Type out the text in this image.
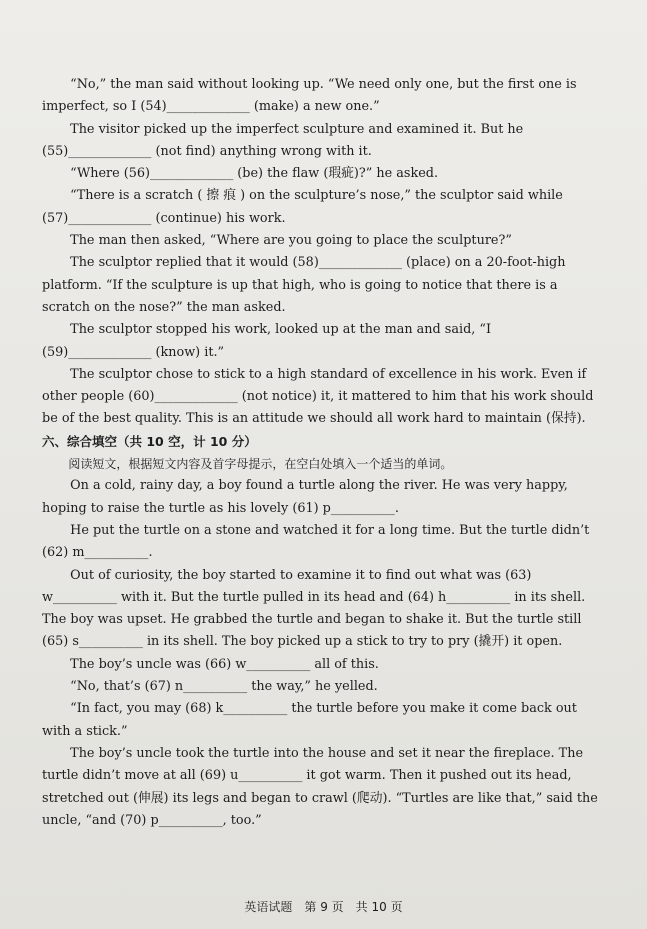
“No,” the man said without looking up. “We need only one, but the first one is imperfect, so I (54)_____________ (make) a new one.”

The visitor picked up the imperfect sculpture and examined it. But he (55)_____________ (not find) anything wrong with it.

“Where (56)_____________ (be) the flaw (瑕疵)?” he asked.

“There is a scratch ( 擦 痕 ) on the sculpture’s nose,” the sculptor said while (57)_____________ (continue) his work.

The man then asked, “Where are you going to place the sculpture?”

The sculptor replied that it would (58)_____________ (place) on a 20-foot-high platform. “If the sculpture is up that high, who is going to notice that there is a scratch on the nose?” the man asked.

The sculptor stopped his work, looked up at the man and said, “I (59)_____________ (know) it.”

The sculptor chose to stick to a high standard of excellence in his work. Even if other people (60)_____________ (not notice) it, it mattered to him that his work should be of the best quality. This is an attitude we should all work hard to maintain (保持).

六、综合填空（共 10 空，计 10 分）

阅读短文，根据短文内容及首字母提示，在空白处填入一个适当的单词。

On a cold, rainy day, a boy found a turtle along the river. He was very happy, hoping to raise the turtle as his lovely (61) p__________.

He put the turtle on a stone and watched it for a long time. But the turtle didn’t (62) m__________.

Out of curiosity, the boy started to examine it to find out what was (63) w__________ with it. But the turtle pulled in its head and (64) h__________ in its shell. The boy was upset. He grabbed the turtle and began to shake it. But the turtle still (65) s__________ in its shell. The boy picked up a stick to try to pry (撬开) it open.

The boy’s uncle was (66) w__________ all of this.

“No, that’s (67) n__________ the way,” he yelled.

“In fact, you may (68) k__________ the turtle before you make it come back out with a stick.”

The boy’s uncle took the turtle into the house and set it near the fireplace. The turtle didn’t move at all (69) u__________ it got warm. Then it pushed out its head, stretched out (伸展) its legs and began to crawl (爬动). “Turtles are like that,” said the uncle, “and (70) p__________, too.”

英语试题　第 9 页　共 10 页
